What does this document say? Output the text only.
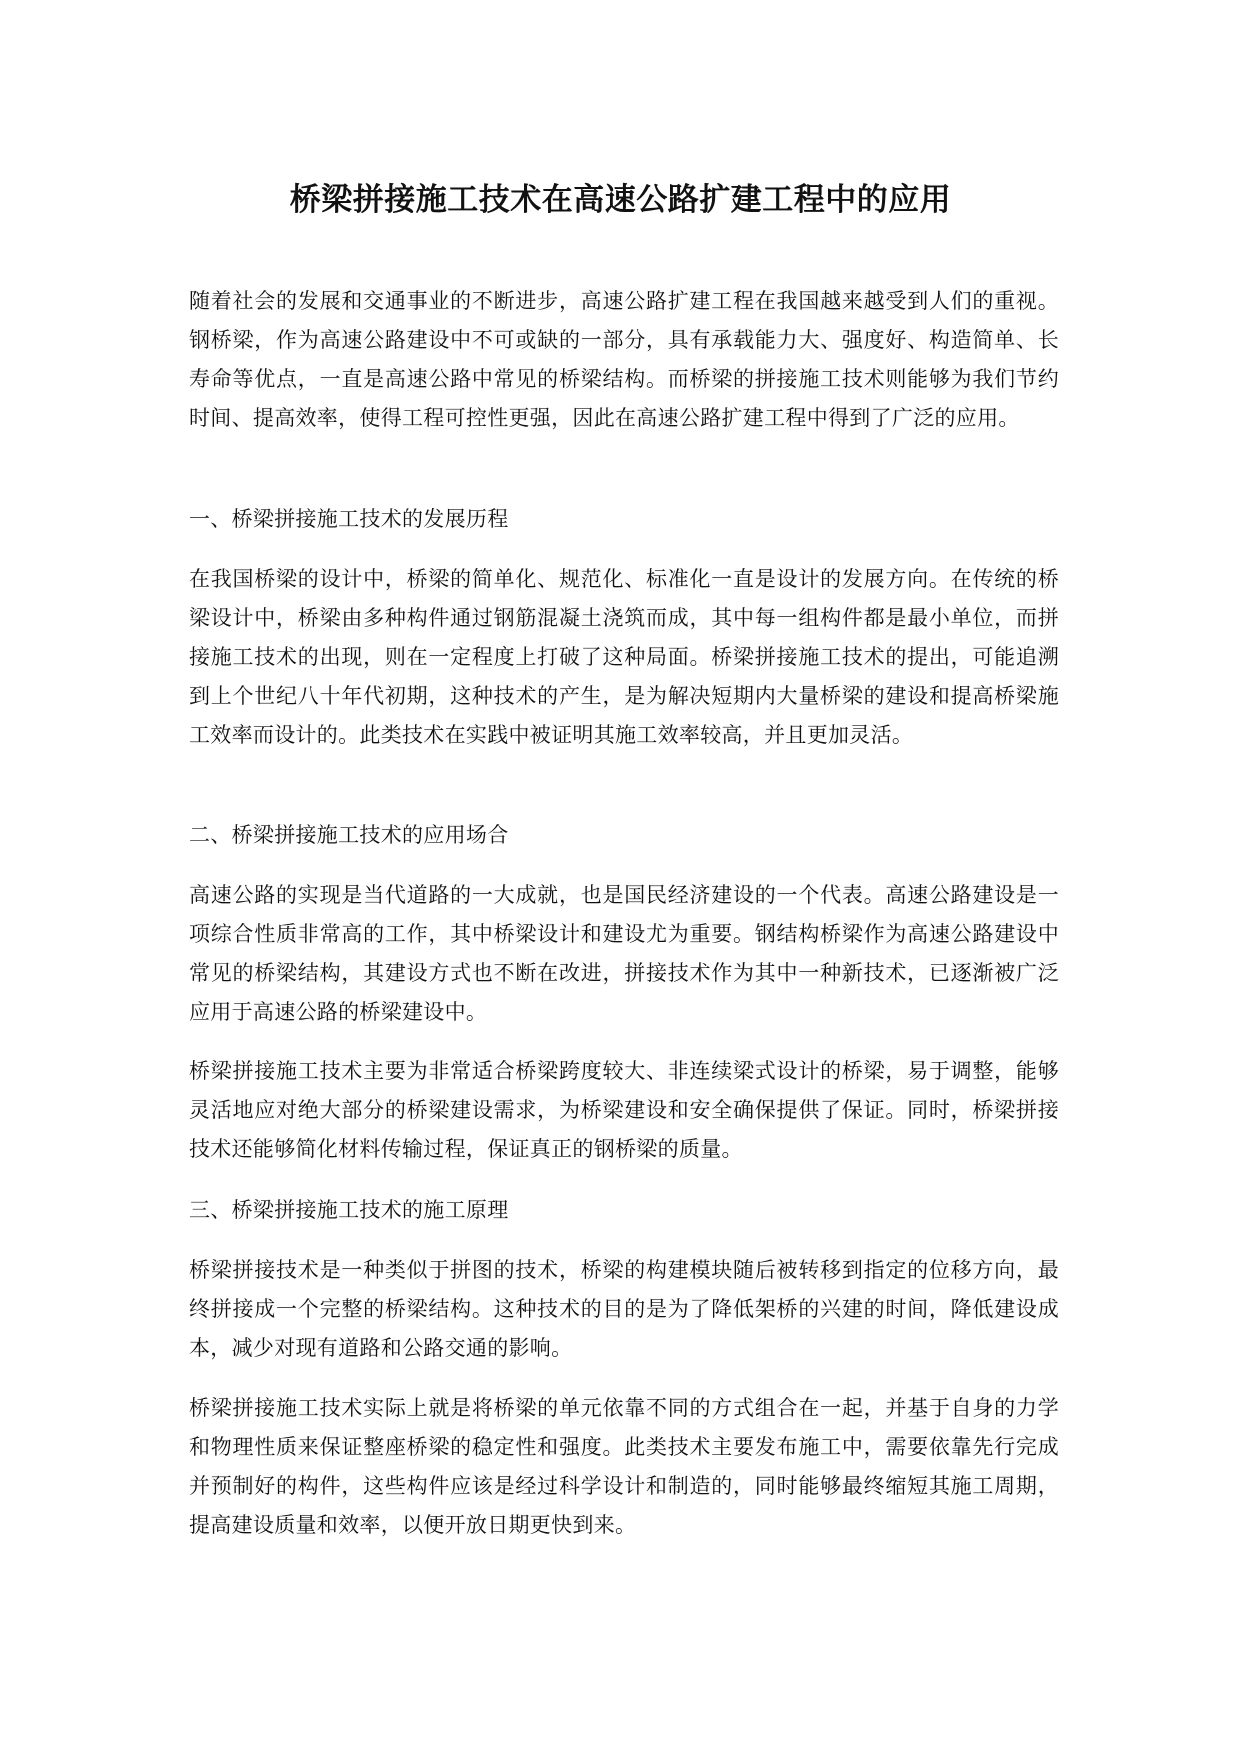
桥梁拼接施工技术在高速公路扩建工程中的应用

随着社会的发展和交通事业的不断进步，高速公路扩建工程在我国越来越受到人们的重视。钢桥梁，作为高速公路建设中不可或缺的一部分，具有承载能力大、强度好、构造简单、长寿命等优点，一直是高速公路中常见的桥梁结构。而桥梁的拼接施工技术则能够为我们节约时间、提高效率，使得工程可控性更强，因此在高速公路扩建工程中得到了广泛的应用。

一、桥梁拼接施工技术的发展历程

在我国桥梁的设计中，桥梁的简单化、规范化、标准化一直是设计的发展方向。在传统的桥梁设计中，桥梁由多种构件通过钢筋混凝土浇筑而成，其中每一组构件都是最小单位，而拼接施工技术的出现，则在一定程度上打破了这种局面。桥梁拼接施工技术的提出，可能追溯到上个世纪八十年代初期，这种技术的产生，是为解决短期内大量桥梁的建设和提高桥梁施工效率而设计的。此类技术在实践中被证明其施工效率较高，并且更加灵活。

二、桥梁拼接施工技术的应用场合

高速公路的实现是当代道路的一大成就，也是国民经济建设的一个代表。高速公路建设是一项综合性质非常高的工作，其中桥梁设计和建设尤为重要。钢结构桥梁作为高速公路建设中常见的桥梁结构，其建设方式也不断在改进，拼接技术作为其中一种新技术，已逐渐被广泛应用于高速公路的桥梁建设中。

桥梁拼接施工技术主要为非常适合桥梁跨度较大、非连续梁式设计的桥梁，易于调整，能够灵活地应对绝大部分的桥梁建设需求，为桥梁建设和安全确保提供了保证。同时，桥梁拼接技术还能够简化材料传输过程，保证真正的钢桥梁的质量。

三、桥梁拼接施工技术的施工原理

桥梁拼接技术是一种类似于拼图的技术，桥梁的构建模块随后被转移到指定的位移方向，最终拼接成一个完整的桥梁结构。这种技术的目的是为了降低架桥的兴建的时间，降低建设成本，减少对现有道路和公路交通的影响。

桥梁拼接施工技术实际上就是将桥梁的单元依靠不同的方式组合在一起，并基于自身的力学和物理性质来保证整座桥梁的稳定性和强度。此类技术主要发布施工中，需要依靠先行完成并预制好的构件，这些构件应该是经过科学设计和制造的，同时能够最终缩短其施工周期，提高建设质量和效率，以便开放日期更快到来。
